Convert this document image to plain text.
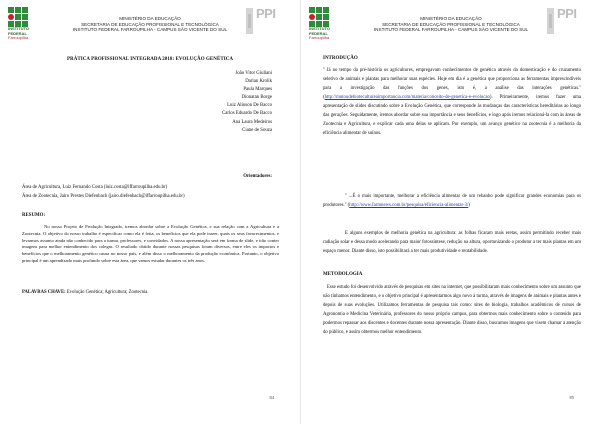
INSTITUTO
FEDERAL
Farroupilha
MINISTÉRIO DA EDUCAÇÃO
SECRETARIA DE EDUCAÇÃO PROFISSIONAL E TECNOLÓGICA
INSTITUTO FEDERAL FARROUPILHA - CAMPUS SÃO VICENTE DO SUL
PPI
PRÁTICA PROFISSIONAL INTEGRADA 2018: EVOLUÇÃO GENÉTICA
João Vitor Giuliani
Darlan Krolik
Paula Marques
Dionatan Borge
Luiz Aliuson De Bacco
Carlos Eduardo De Bacco
Ana Laura Medeiros
Ciane de Souza
Orientadores:
Área de Agricultura, Luiz Fernando Costa (luiz.costa@iffarroupilha.edu.br)
Área de Zootecnia, Jairo Prestes Diefenbach (jairo.diefenbach@iffarroupilha.edu.br)
RESUMO:
No nosso Projeto de Produção Integrado, iremos abordar sobre a Evolução Genética, e sua relação com a Agricultura e a Zootecnia. O objetivo do nosso trabalho é especificar como ela é feita, os benefícios que ela pode trazer, quais os seus favorecimentos, e levarmos assunto ainda não conhecido para a turma, professores, e convidados. A nossa apresentação será em forma de slide, e irão conter imagens para melhor entendimento dos colegas. O resultado obtido durante nossas pesquisas foram diversos, entre eles os impactos e benefícios que o melhoramento genético causa no nosso país, e além disso o melhoramento da produção econômica. Portanto, o objetivo principal é um aprendizado mais profundo sobre esta área, que vamos estudar durantes os três anos.
PALAVRAS CHAVE: Evolução Genética; Agricultura; Zootecnia.
84
INSTITUTO
FEDERAL
Farroupilha
MINISTÉRIO DA EDUCAÇÃO
SECRETARIA DE EDUCAÇÃO PROFISSIONAL E TECNOLÓGICA
INSTITUTO FEDERAL FARROUPILHA - CAMPUS SÃO VICENTE DO SUL
PPI
INTRODUÇÃO
'' Já no tempo da pré-história os agricultores, empregavam conhecimentos de genética através da domesticação e do cruzamento seletivo de animais e plantas para melhorar suas espécies. Hoje em dia é a genética que proporciona as ferramentas imprescindíveis para a investigação das funções dos genes, isto é, a análise das interações genéticas.'' (http://mutoudebiotecultureaimportancia.com/materia/conceito-de-genetica-e-evolucao). Primeiramente, iremos fazer uma apresentação de slides discutindo sobre a Evolução Genética, que corresponde às mudanças das características hereditárias ao longo das gerações. Seguidamente, iremos abordar sobre sua importância e seus benefícios, e logo após iremos relacioná-la com às áreas de Zootecnia e Agricultura, e explicar cada uma delas se aplicam. Por exemplo, um avanço genético na zootecnia é a melhoria da eficiência alimentar de suínos.
'' ...É o mais importante, melhorar a eficiência alimentar de um rebanho pode significar grandes economias para os produtores.'' (http://www.farmnews.com.br/pesquisa/eficiencia-alimentar-3/)
E alguns exemplos de melhoria genética na agricultura: as folhas ficaram mais eretas, assim permitindo receber mais radiação solar e dessa modo acelerando para maior fotossíntese, redução na altura, oportunizando o produtor a ter mais plantas em um espaço menor. Diante disso, isto possibilitará a ter mais produtividade e rentabilidade.
METODOLOGIA
Esse estudo foi desenvolvido através de pesquisas em sites na internet, que possibilitaram mais conhecimento sobre um assunto que não tínhamos entendimento, e o objetivo principal é apresentarmos algo novo à turma, através de imagens de animais e plantas antes e depois de suas evoluções. Utilizamos ferramentas de pesquisa tais como: sites de biologia, trabalhos acadêmicos de cursos de Agronomia e Medicina Veterinária, professores do nosso próprio campus, para obtermos mais conhecimento sobre o conteúdo para podermos repassar aos discentes e docentes durante nossa apresentação. Diante disso, buscamos imagens que visem chamar a atenção do público, e assim obtermos melhor entendimento.
85
